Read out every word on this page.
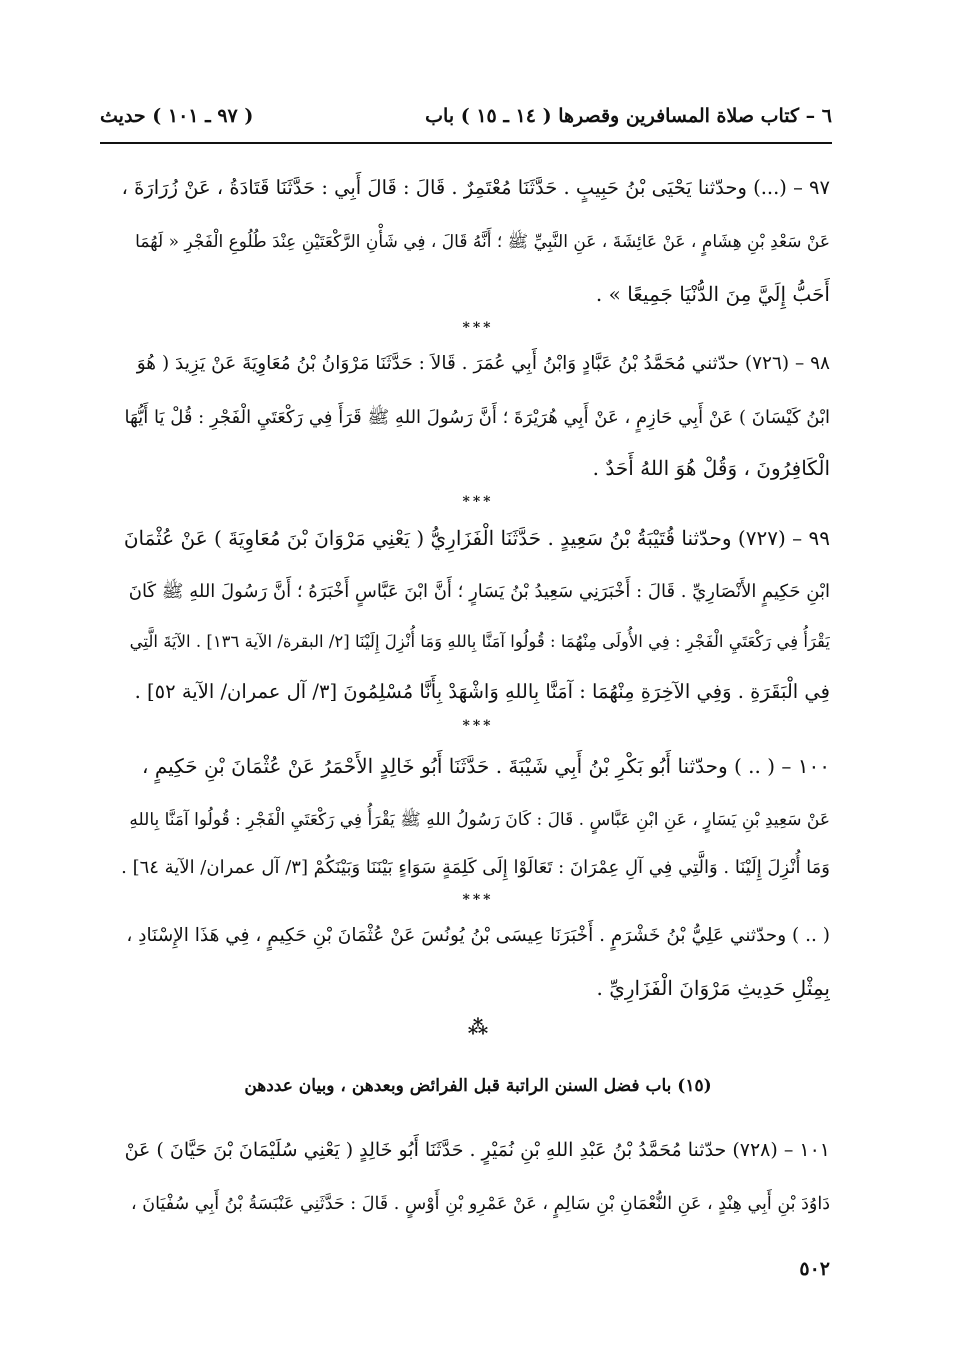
٦ – كتاب صلاة المسافرين وقصرها ( ١٤ ـ ١٥ ) باب
( ٩٧ ـ ١٠١ ) حديث
٩٧ – (...) وحدّثنا يَحْيَى بْنُ حَبِيبٍ . حَدَّثَنَا مُعْتَمِرٌ . قَالَ : قَالَ أَبِي : حَدَّثَنَا قَتَادَةُ ، عَنْ زُرَارَةَ ،
عَنْ سَعْدِ بْنِ هِشَامٍ ، عَنْ عَائِشَةَ ، عَنِ النَّبِيِّ ﷺ ؛ أَنَّهُ قَالَ ، فِي شَأْنِ الرَّكْعَتَيْنِ عِنْدَ طُلُوعِ الْفَجْرِ « لَهُمَا
أَحَبُّ إِلَيَّ مِنَ الدُّنْيَا جَمِيعًا » .
***
٩٨ – (٧٢٦) حدّثني مُحَمَّدُ بْنُ عَبَّادٍ وَابْنُ أَبِي عُمَرَ . قَالاَ : حَدَّثَنَا مَرْوَانُ بْنُ مُعَاوِيَةَ عَنْ يَزِيدَ ( هُوَ
ابْنُ كَيْسَانَ ) عَنْ أَبِي حَازِمٍ ، عَنْ أَبِي هُرَيْرَةَ ؛ أَنَّ رَسُولَ اللهِ ﷺ قَرَأَ فِي رَكْعَتَيِ الْفَجْرِ : قُلْ يَا أَيُّهَا
الْكَافِرُونَ ، وَقُلْ هُوَ اللهُ أَحَدٌ .
***
٩٩ – (٧٢٧) وحدّثنا قُتَيْبَةُ بْنُ سَعِيدٍ . حَدَّثَنَا الْفَزَارِيُّ ( يَعْنِي مَرْوَانَ بْنَ مُعَاوِيَةَ ) عَنْ عُثْمَانَ
ابْنِ حَكِيمٍ الأَنْصَارِيِّ . قَالَ : أَخْبَرَنِي سَعِيدُ بْنُ يَسَارٍ ؛ أَنَّ ابْنَ عَبَّاسٍ أَخْبَرَهُ ؛ أَنَّ رَسُولَ اللهِ ﷺ كَانَ
يَقْرَأُ فِي رَكْعَتَيِ الْفَجْرِ : فِي الأُولَى مِنْهُمَا : قُولُوا آمَنَّا بِاللهِ وَمَا أُنْزِلَ إِلَيْنَا [٢/ البقرة/ الآية ١٣٦] . الآيَةَ الَّتِي
فِي الْبَقَرَةِ . وَفِي الآخِرَةِ مِنْهُمَا : آمَنَّا بِاللهِ وَاشْهَدْ بِأَنَّا مُسْلِمُونَ [٣/ آل عمران/ الآية ٥٢] .
***
١٠٠ – ( .. ) وحدّثنا أَبُو بَكْرِ بْنُ أَبِي شَيْبَةَ . حَدَّثَنَا أَبُو خَالِدٍ الأَحْمَرُ عَنْ عُثْمَانَ بْنِ حَكِيمٍ ،
عَنْ سَعِيدِ بْنِ يَسَارٍ ، عَنِ ابْنِ عَبَّاسٍ . قَالَ : كَانَ رَسُولُ اللهِ ﷺ يَقْرَأُ فِي رَكْعَتَيِ الْفَجْرِ : قُولُوا آمَنَّا بِاللهِ
وَمَا أُنْزِلَ إِلَيْنَا . وَالَّتِي فِي آلِ عِمْرَانَ : تَعَالَوْا إِلَى كَلِمَةٍ سَوَاءٍ بَيْنَنَا وَبَيْنَكُمْ [٣/ آل عمران/ الآية ٦٤] .
***
( .. ) وحدّثني عَلِيُّ بْنُ خَشْرَمٍ . أَخْبَرَنَا عِيسَى بْنُ يُونُسَ عَنْ عُثْمَانَ بْنِ حَكِيمٍ ، فِي هَذَا الإِسْنَادِ ،
بِمِثْلِ حَدِيثِ مَرْوَانَ الْفَزَارِيِّ .
⁂
(١٥) باب فضل السنن الراتبة قبل الفرائض وبعدهن ، وبيان عددهن
١٠١ – (٧٢٨) حدّثنا مُحَمَّدُ بْنُ عَبْدِ اللهِ بْنِ نُمَيْرٍ . حَدَّثَنَا أَبُو خَالِدٍ ( يَعْنِي سُلَيْمَانَ بْنَ حَيَّانَ ) عَنْ
دَاوُدَ بْنِ أَبِي هِنْدٍ ، عَنِ النُّعْمَانِ بْنِ سَالِمٍ ، عَنْ عَمْرِو بْنِ أَوْسٍ . قَالَ : حَدَّثَنِي عَنْبَسَةُ بْنُ أَبِي سُفْيَانَ ،
٥٠٢
